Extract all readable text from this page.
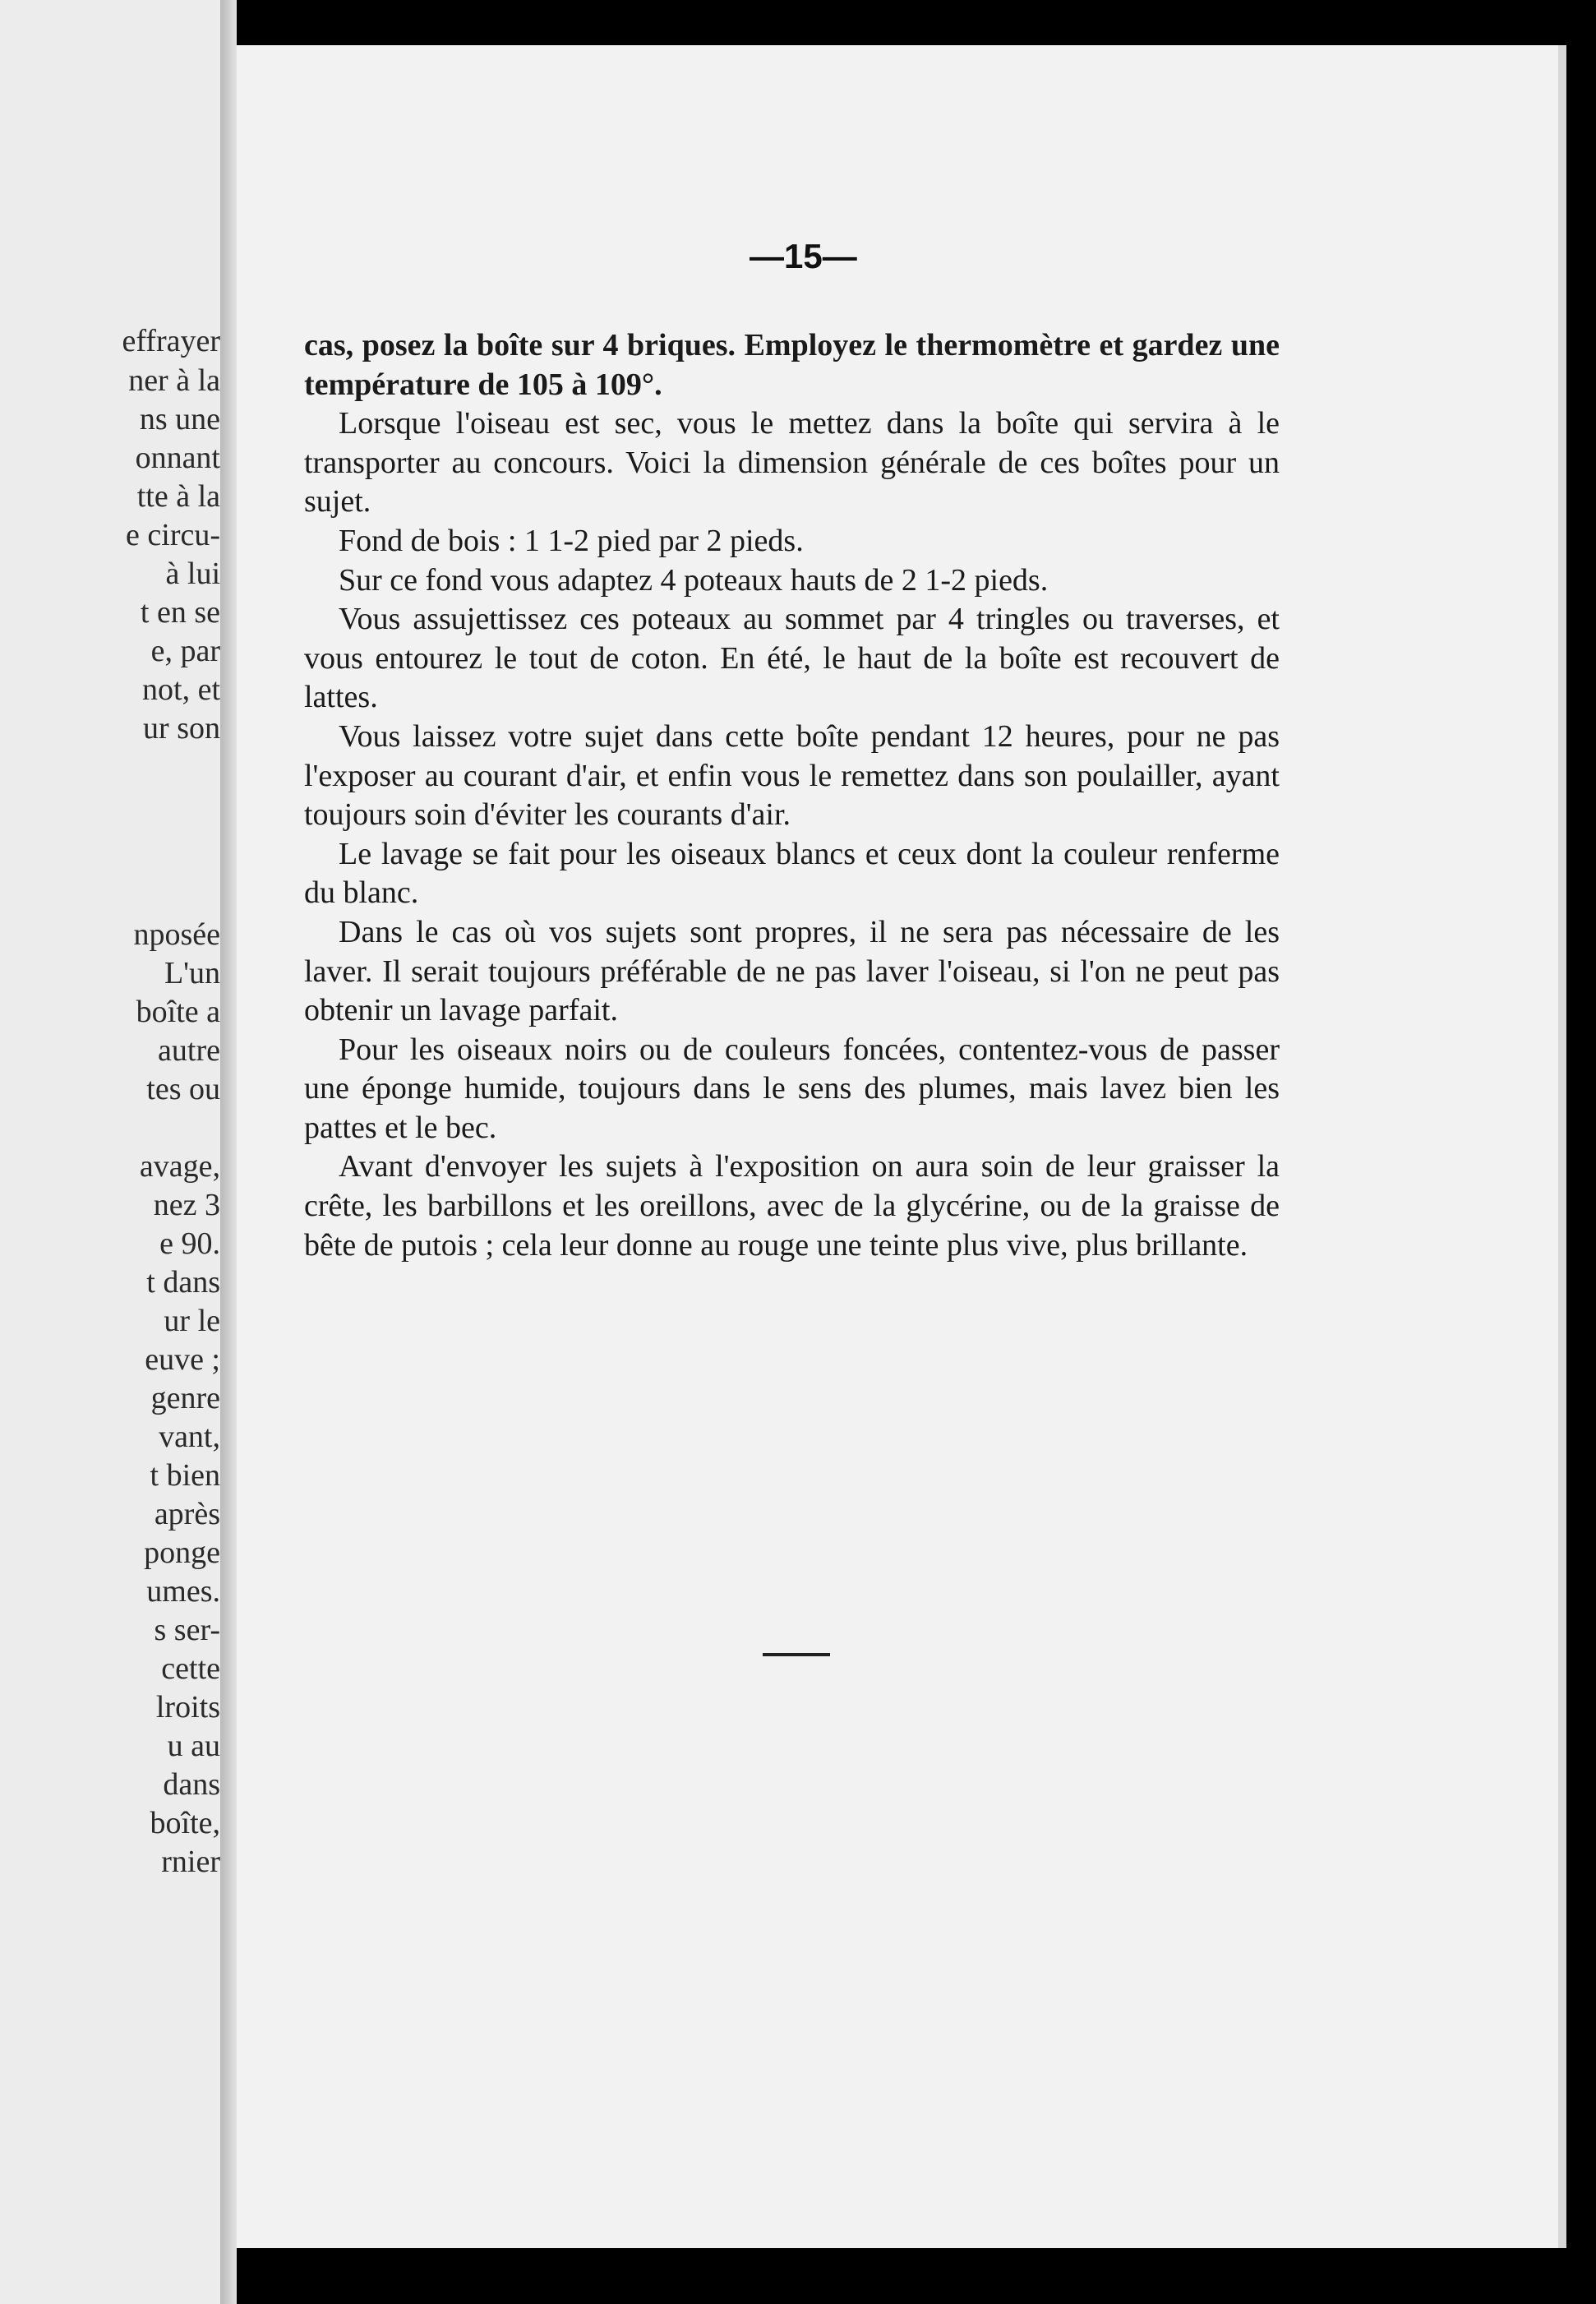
effrayer
ner à la
ns une
onnant
tte à la
e circu-
à lui
t en se
e, par
not, et
ur son
nposée
L'un
boîte a
autre
tes ou
avage,
nez 3
e 90.
t dans
ur le
euve ;
genre
vant,
t bien
après
ponge
umes.
s ser-
cette
lroits
u au
dans
boîte,
rnier
—15—

cas, posez la boîte sur 4 briques. Employez le thermomètre et gardez une température de 105 à 109°.

Lorsque l'oiseau est sec, vous le mettez dans la boîte qui servira à le transporter au concours. Voici la dimension générale de ces boîtes pour un sujet.

Fond de bois : 1 1-2 pied par 2 pieds.

Sur ce fond vous adaptez 4 poteaux hauts de 2 1-2 pieds.

Vous assujettissez ces poteaux au sommet par 4 tringles ou traverses, et vous entourez le tout de coton. En été, le haut de la boîte est recouvert de lattes.

Vous laissez votre sujet dans cette boîte pendant 12 heures, pour ne pas l'exposer au courant d'air, et enfin vous le remettez dans son poulailler, ayant toujours soin d'éviter les courants d'air.

Le lavage se fait pour les oiseaux blancs et ceux dont la couleur renferme du blanc.

Dans le cas où vos sujets sont propres, il ne sera pas nécessaire de les laver. Il serait toujours préférable de ne pas laver l'oiseau, si l'on ne peut pas obtenir un lavage parfait.

Pour les oiseaux noirs ou de couleurs foncées, contentez-vous de passer une éponge humide, toujours dans le sens des plumes, mais lavez bien les pattes et le bec.

Avant d'envoyer les sujets à l'exposition on aura soin de leur graisser la crête, les barbillons et les oreillons, avec de la glycérine, ou de la graisse de bête de putois ; cela leur donne au rouge une teinte plus vive, plus brillante.
